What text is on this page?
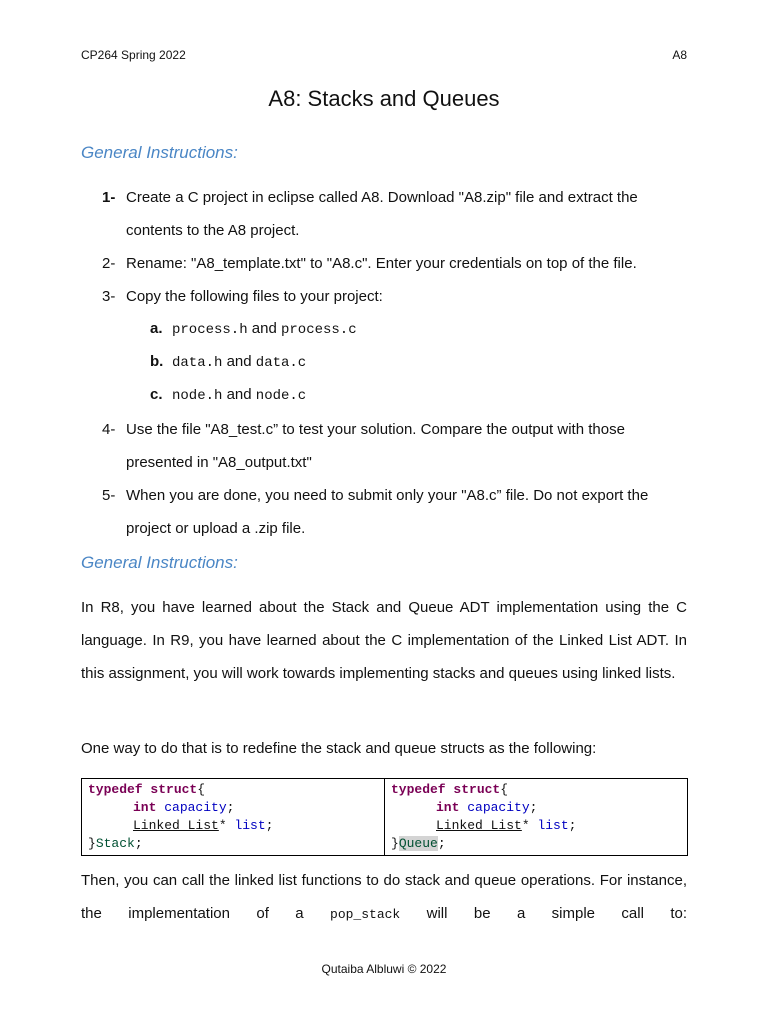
CP264 Spring 2022	A8
A8: Stacks and Queues
General Instructions:
1- Create a C project in eclipse called A8. Download "A8.zip" file and extract the contents to the A8 project.
2- Rename: "A8_template.txt" to "A8.c". Enter your credentials on top of the file.
3- Copy the following files to your project:
a. process.h and process.c
b. data.h and data.c
c. node.h and node.c
4- Use the file "A8_test.c” to test your solution. Compare the output with those presented in "A8_output.txt"
5- When you are done, you need to submit only your "A8.c” file. Do not export the project or upload a .zip file.
General Instructions:
In R8, you have learned about the Stack and Queue ADT implementation using the C language. In R9, you have learned about the C implementation of the Linked List ADT. In this assignment, you will work towards implementing stacks and queues using linked lists.
One way to do that is to redefine the stack and queue structs as the following:
typedef struct{
int capacity;
Linked_List* list;
}Stack;

typedef struct{
int capacity;
Linked_List* list;
}Queue;
Then, you can call the linked list functions to do stack and queue operations. For instance, the implementation of a pop_stack will be a simple call to:
Qutaiba Albluwi © 2022
